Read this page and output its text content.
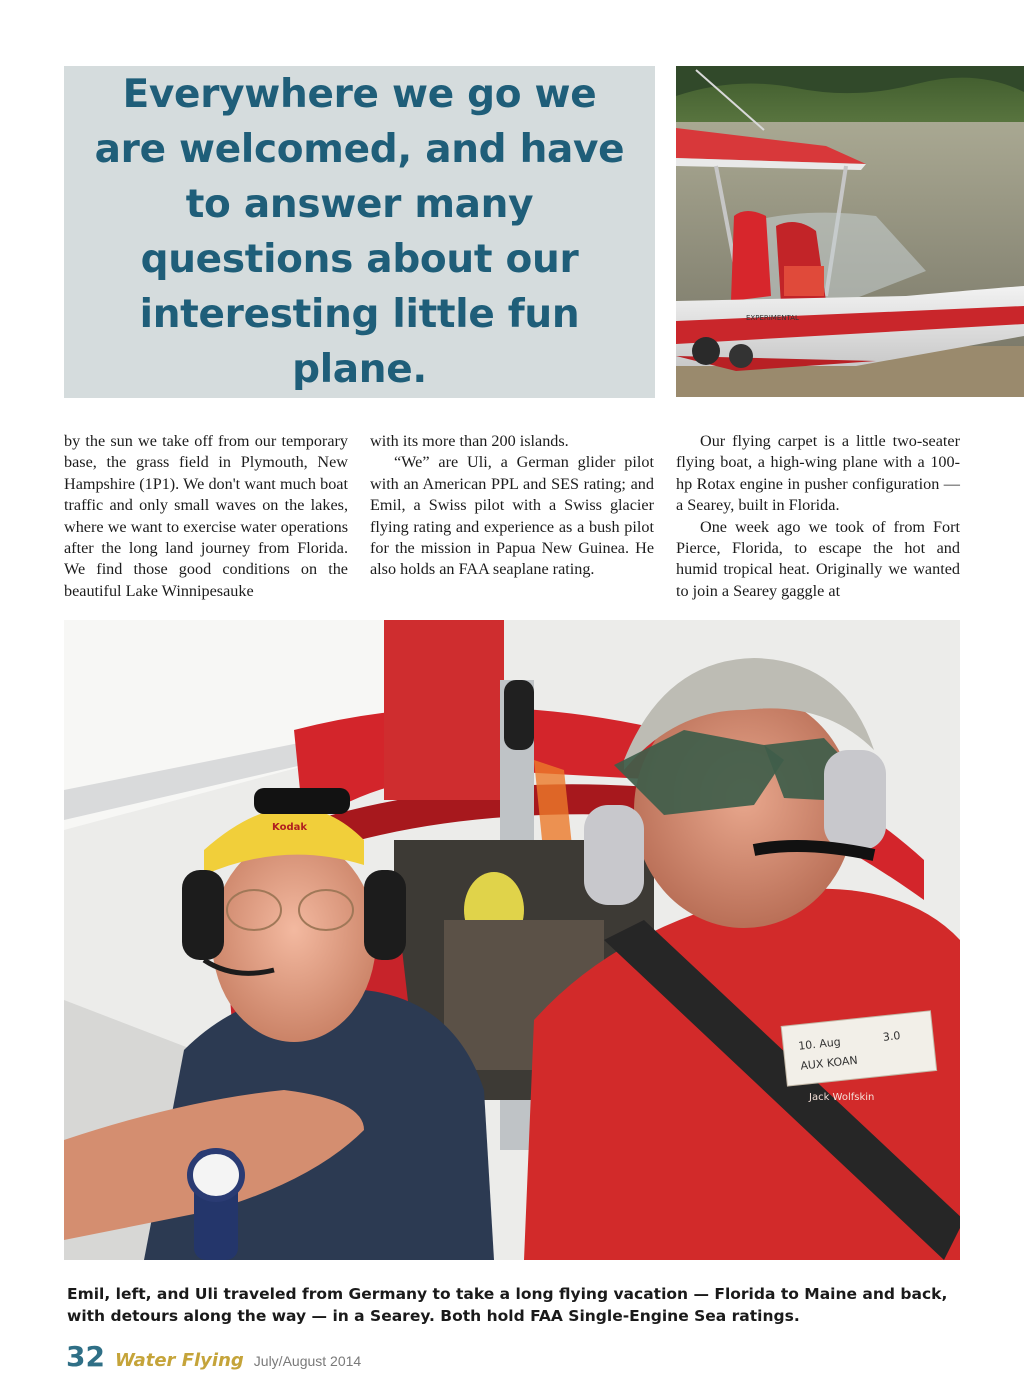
Everywhere we go we are welcomed, and have to answer many questions about our interesting little fun plane.

EXPERIMENTAL

by the sun we take off from our temporary base, the grass field in Plymouth, New Hampshire (1P1). We don't want much boat traffic and only small waves on the lakes, where we want to exercise water operations after the long land journey from Florida. We find those good conditions on the beautiful Lake Winnipesauke

with its more than 200 islands.

“We” are Uli, a German glider pilot with an American PPL and SES rating; and Emil, a Swiss pilot with a Swiss glacier flying rating and experience as a bush pilot for the mission in Papua New Guinea. He also holds an FAA seaplane rating.

Our flying carpet is a little two-seater flying boat, a high-wing plane with a 100-hp Rotax engine in pusher configuration — a Searey, built in Florida.

One week ago we took of from Fort Pierce, Florida, to escape the hot and humid tropical heat. Originally we wanted to join a Searey gaggle at

Kodak
10. Aug	3.0
AUX KOAN
Jack Wolfskin
Emil, left, and Uli traveled from Germany to take a long flying vacation — Florida to Maine and back, with detours along the way — in a Searey. Both hold FAA Single-Engine Sea ratings.
32 Water Flying July/August 2014
